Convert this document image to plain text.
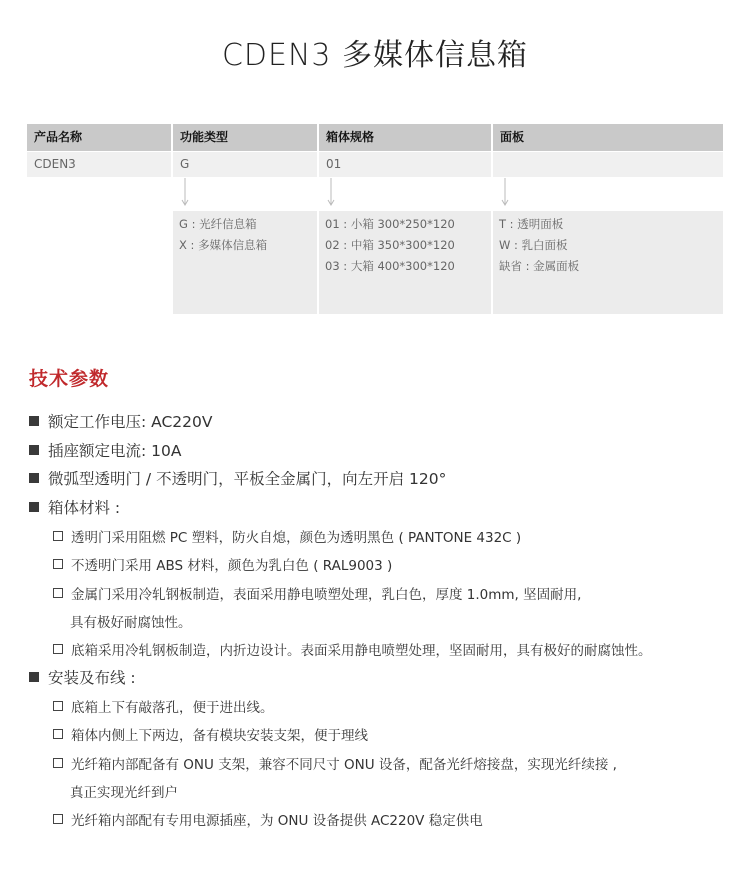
CDEN3 多媒体信息箱
产品名称
CDEN3
功能类型
G
G : 光纤信息箱
X : 多媒体信息箱
箱体规格
01
01 : 小箱 300*250*120
02 : 中箱 350*300*120
03 : 大箱 400*300*120
面板
T : 透明面板
W : 乳白面板
缺省 : 金属面板
技术参数
额定工作电压: AC220V
插座额定电流: 10A
微弧型透明门 / 不透明门，平板全金属门，向左开启 120°
箱体材料 :
透明门采用阻燃 PC 塑料，防火自熄，颜色为透明黑色 ( PANTONE 432C )
不透明门采用 ABS 材料，颜色为乳白色 ( RAL9003 )
金属门采用冷轧钢板制造，表面采用静电喷塑处理，乳白色，厚度 1.0mm, 坚固耐用,
具有极好耐腐蚀性。
底箱采用冷轧钢板制造，内折边设计。表面采用静电喷塑处理，坚固耐用，具有极好的耐腐蚀性。
安装及布线 :
底箱上下有敲落孔，便于进出线。
箱体内侧上下两边，备有模块安装支架，便于理线
光纤箱内部配备有 ONU 支架，兼容不同尺寸 ONU 设备，配备光纤熔接盘，实现光纤续接 ,
真正实现光纤到户
光纤箱内部配有专用电源插座，为 ONU 设备提供 AC220V 稳定供电
